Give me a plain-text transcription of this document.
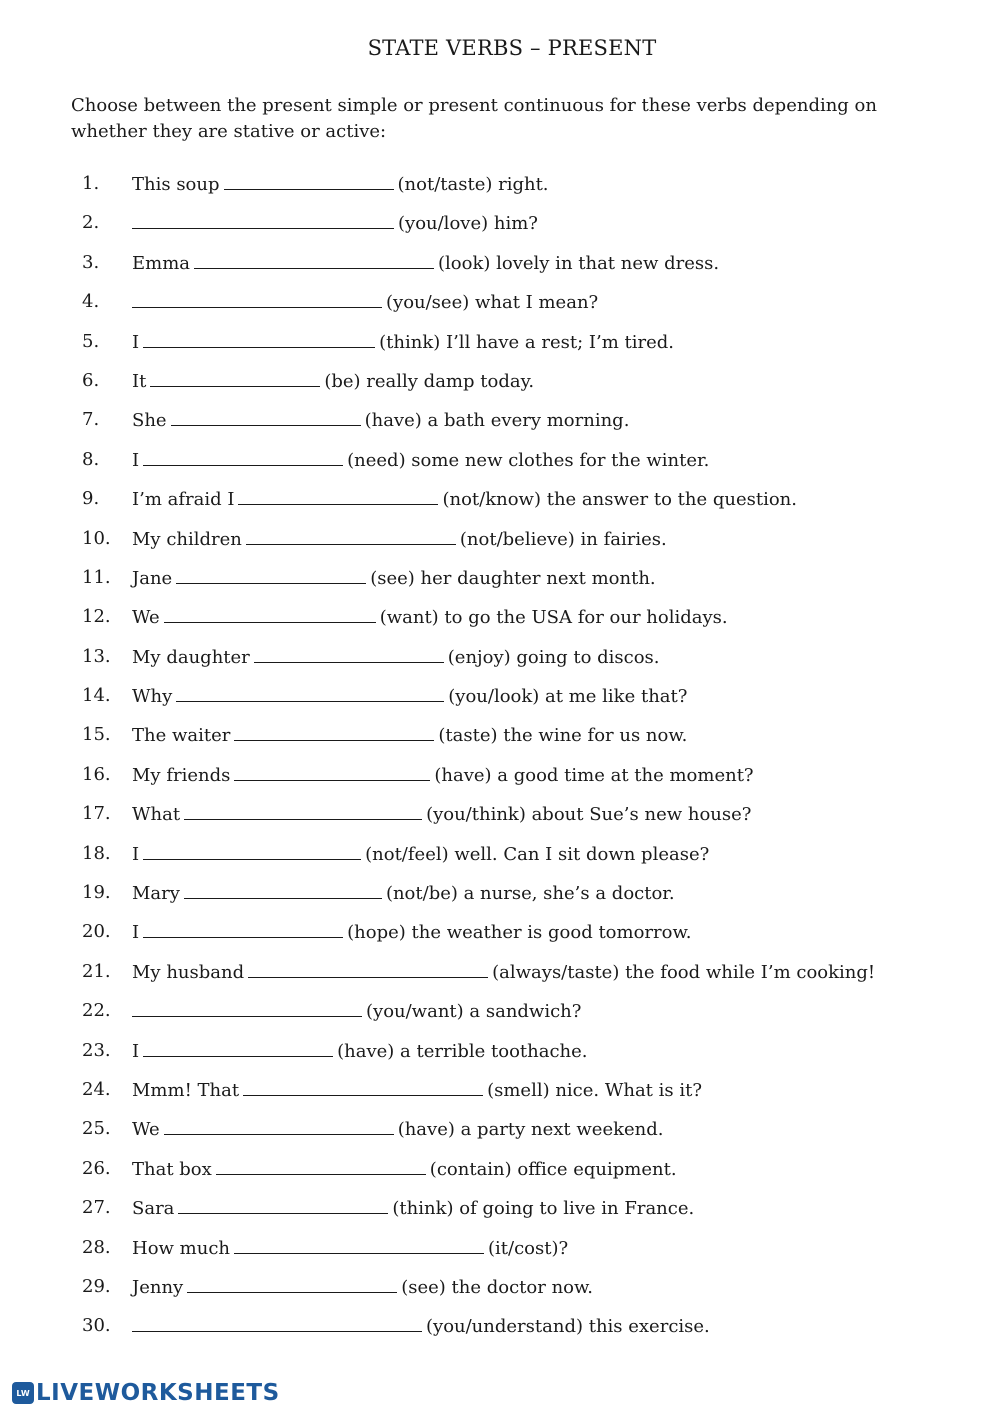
STATE VERBS – PRESENT
Choose between the present simple or present continuous for these verbs depending on whether they are stative or active:
1. This soup	(not/taste) right.
2.	(you/love) him?
3. Emma	(look) lovely in that new dress.
4.	(you/see) what I mean?
5. I	(think) I’ll have a rest; I’m tired.
6. It	(be) really damp today.
7. She	(have) a bath every morning.
8. I	(need) some new clothes for the winter.
9. I’m afraid I	(not/know) the answer to the question.
10. My children	(not/believe) in fairies.
11. Jane	(see) her daughter next month.
12. We	(want) to go the USA for our holidays.
13. My daughter	(enjoy) going to discos.
14. Why	(you/look) at me like that?
15. The waiter	(taste) the wine for us now.
16. My friends	(have) a good time at the moment?
17. What	(you/think) about Sue’s new house?
18. I	(not/feel) well. Can I sit down please?
19. Mary	(not/be) a nurse, she’s a doctor.
20. I	(hope) the weather is good tomorrow.
21. My husband	(always/taste) the food while I’m cooking!
22.	(you/want) a sandwich?
23. I	(have) a terrible toothache.
24. Mmm! That	(smell) nice. What is it?
25. We	(have) a party next weekend.
26. That box	(contain) office equipment.
27. Sara	(think) of going to live in France.
28. How much	(it/cost)?
29. Jenny	(see) the doctor now.
30.	(you/understand) this exercise.
LW LIVEWORKSHEETS
